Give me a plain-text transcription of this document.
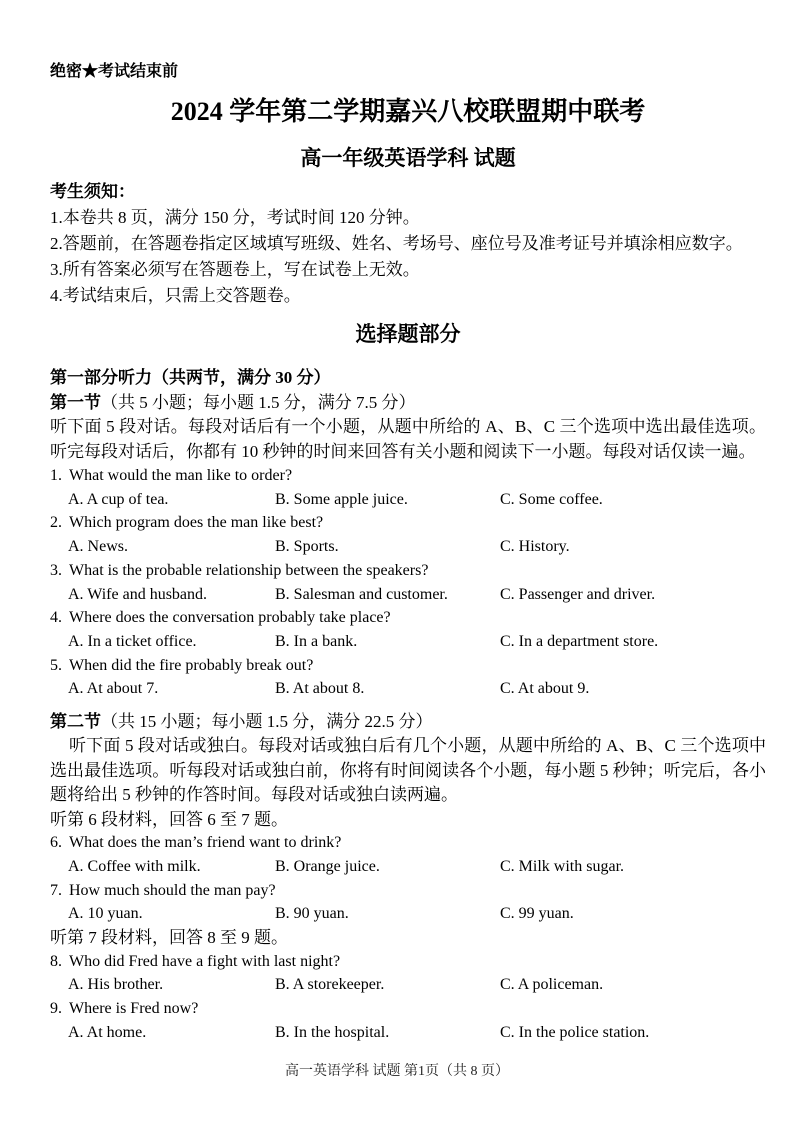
绝密★考试结束前
2024 学年第二学期嘉兴八校联盟期中联考
高一年级英语学科 试题
考生须知：
1.本卷共 8 页，满分 150 分，考试时间 120 分钟。
2.答题前，在答题卷指定区域填写班级、姓名、考场号、座位号及准考证号并填涂相应数字。
3.所有答案必须写在答题卷上，写在试卷上无效。
4.考试结束后，只需上交答题卷。
选择题部分
第一部分听力（共两节，满分 30 分）
第一节（共 5 小题；每小题 1.5 分，满分 7.5 分）

听下面 5 段对话。每段对话后有一个小题，从题中所给的 A、B、C 三个选项中选出最佳选项。听完每段对话后，你都有 10 秒钟的时间来回答有关小题和阅读下一小题。每段对话仅读一遍。

1. What would the man like to order?
A. A cup of tea.	B. Some apple juice.	C. Some coffee.
2. Which program does the man like best?
A. News.	B. Sports.	C. History.
3. What is the probable relationship between the speakers?
A. Wife and husband.	B. Salesman and customer.	C. Passenger and driver.
4. Where does the conversation probably take place?
A. In a ticket office.	B. In a bank.	C. In a department store.
5. When did the fire probably break out?
A. At about 7.	B. At about 8.	C. At about 9.
第二节（共 15 小题；每小题 1.5 分，满分 22.5 分）

听下面 5 段对话或独白。每段对话或独白后有几个小题，从题中所给的 A、B、C 三个选项中选出最佳选项。听每段对话或独白前，你将有时间阅读各个小题，每小题 5 秒钟；听完后，各小题将给出 5 秒钟的作答时间。每段对话或独白读两遍。

听第 6 段材料，回答 6 至 7 题。
6. What does the man’s friend want to drink?
A. Coffee with milk.	B. Orange juice.	C. Milk with sugar.
7. How much should the man pay?
A. 10 yuan.	B. 90 yuan.	C. 99 yuan.
听第 7 段材料，回答 8 至 9 题。
8. Who did Fred have a fight with last night?
A. His brother.	B. A storekeeper.	C. A policeman.
9. Where is Fred now?
A. At home.	B. In the hospital.	C. In the police station.
高一英语学科 试题 第1页（共 8 页）
